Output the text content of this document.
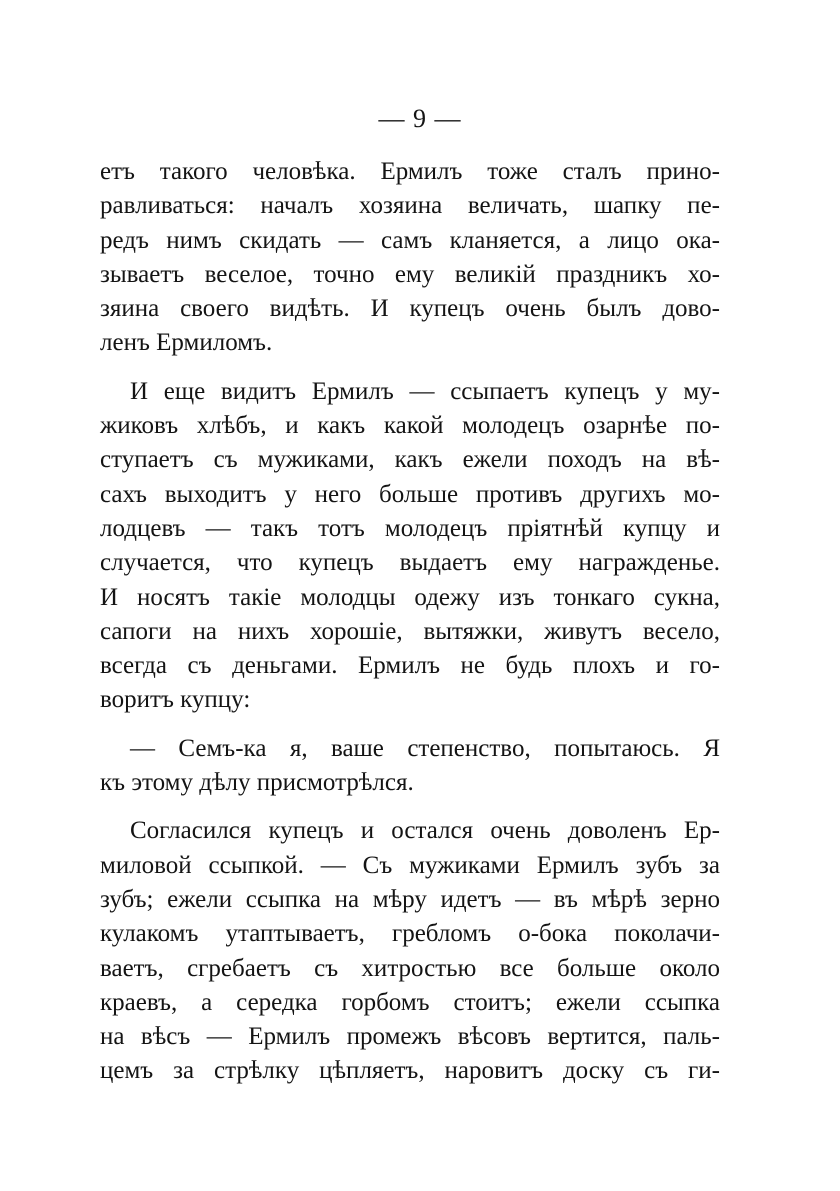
— 9 —
етъ такого человѣка. Ермилъ тоже сталъ прино-
равливаться: началъ хозяина величать, шапку пе-
редъ нимъ скидать — самъ кланяется, а лицо ока-
зываетъ веселое, точно ему великій праздникъ хо-
зяина своего видѣть. И купецъ очень былъ дово-
ленъ Ермиломъ.
И еще видитъ Ермилъ — ссыпаетъ купецъ у му-
жиковъ хлѣбъ, и какъ какой молодецъ озарнѣе по-
ступаетъ съ мужиками, какъ ежели походъ на вѣ-
сахъ выходитъ у него больше противъ другихъ мо-
лодцевъ — такъ тотъ молодецъ пріятнѣй купцу и
случается, что купецъ выдаетъ ему награжденье.
И носятъ такіе молодцы одежу изъ тонкаго сукна,
сапоги на нихъ хорошіе, вытяжки, живутъ весело,
всегда съ деньгами. Ермилъ не будь плохъ и го-
воритъ купцу:
— Семъ-ка я, ваше степенство, попытаюсь. Я
къ этому дѣлу присмотрѣлся.
Согласился купецъ и остался очень доволенъ Ер-
миловой ссыпкой. — Съ мужиками Ермилъ зубъ за
зубъ; ежели ссыпка на мѣру идетъ — въ мѣрѣ зерно
кулакомъ утаптываетъ, гребломъ о-бока поколачи-
ваетъ, сгребаетъ съ хитростью все больше около
краевъ, а середка горбомъ стоитъ; ежели ссыпка
на вѣсъ — Ермилъ промежъ вѣсовъ вертится, паль-
цемъ за стрѣлку цѣпляетъ, наровитъ доску съ ги-
